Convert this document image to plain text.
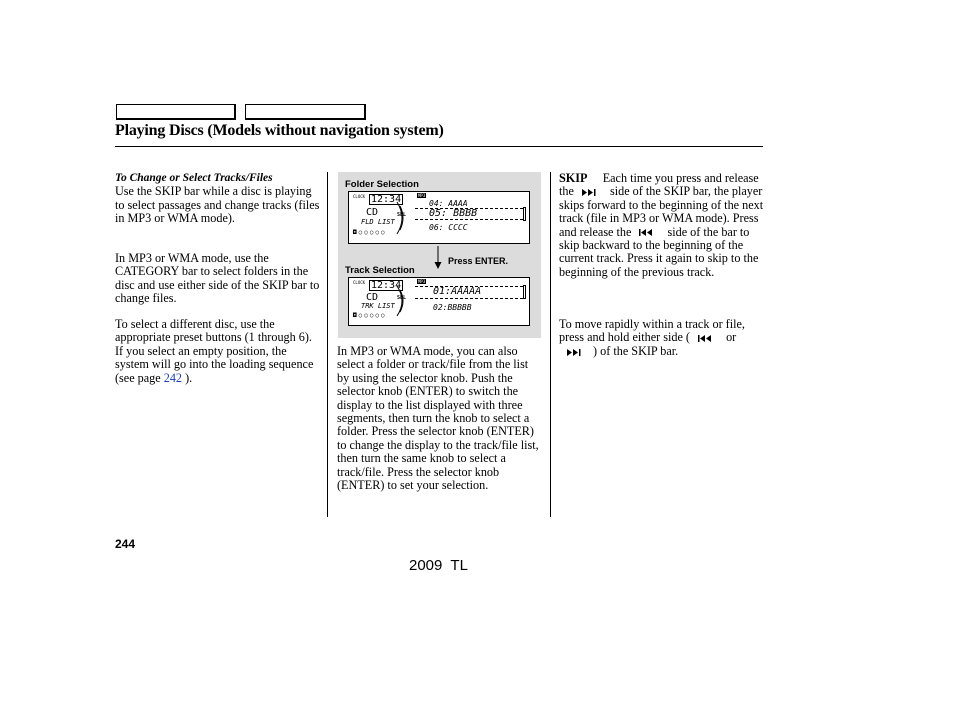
Playing Discs (Models without navigation system)
To Change or Select Tracks/Files
Use the SKIP bar while a disc is playing to select passages and change tracks (files in MP3 or WMA mode).
In MP3 or WMA mode, use the CATEGORY bar to select folders in the disc and use either side of the SKIP bar to change files.
To select a different disc, use the appropriate preset buttons (1 through 6). If you select an empty position, the system will go into the loading sequence (see page 242 ).
Folder Selection
CLOCK 12:34
CD
FLD LIST
◘○○○○○
SEL
MP3
04: AAAA
05: BBBB
06: CCCC
Press ENTER.
Track Selection
CLOCK 12:34
CD
TRK LIST
◘○○○○○
SEL
MP3
01:AAAAA
02:BBBBB
In MP3 or WMA mode, you can also select a folder or track/file from the list by using the selector knob. Push the selector knob (ENTER) to switch the display to the list displayed with three segments, then turn the knob to select a folder. Press the selector knob (ENTER) to change the display to the track/file list, then turn the same knob to select a track/file. Press the selector knob (ENTER) to set your selection.
SKIP Each time you press and release the	side of the SKIP bar, the player skips forward to the beginning of the next track (file in MP3 or WMA mode). Press and release the	side of the bar to skip backward to the beginning of the current track. Press it again to skip to the beginning of the previous track.
To move rapidly within a track or file, press and hold either side (	or
) of the SKIP bar.
244
2009  TL
